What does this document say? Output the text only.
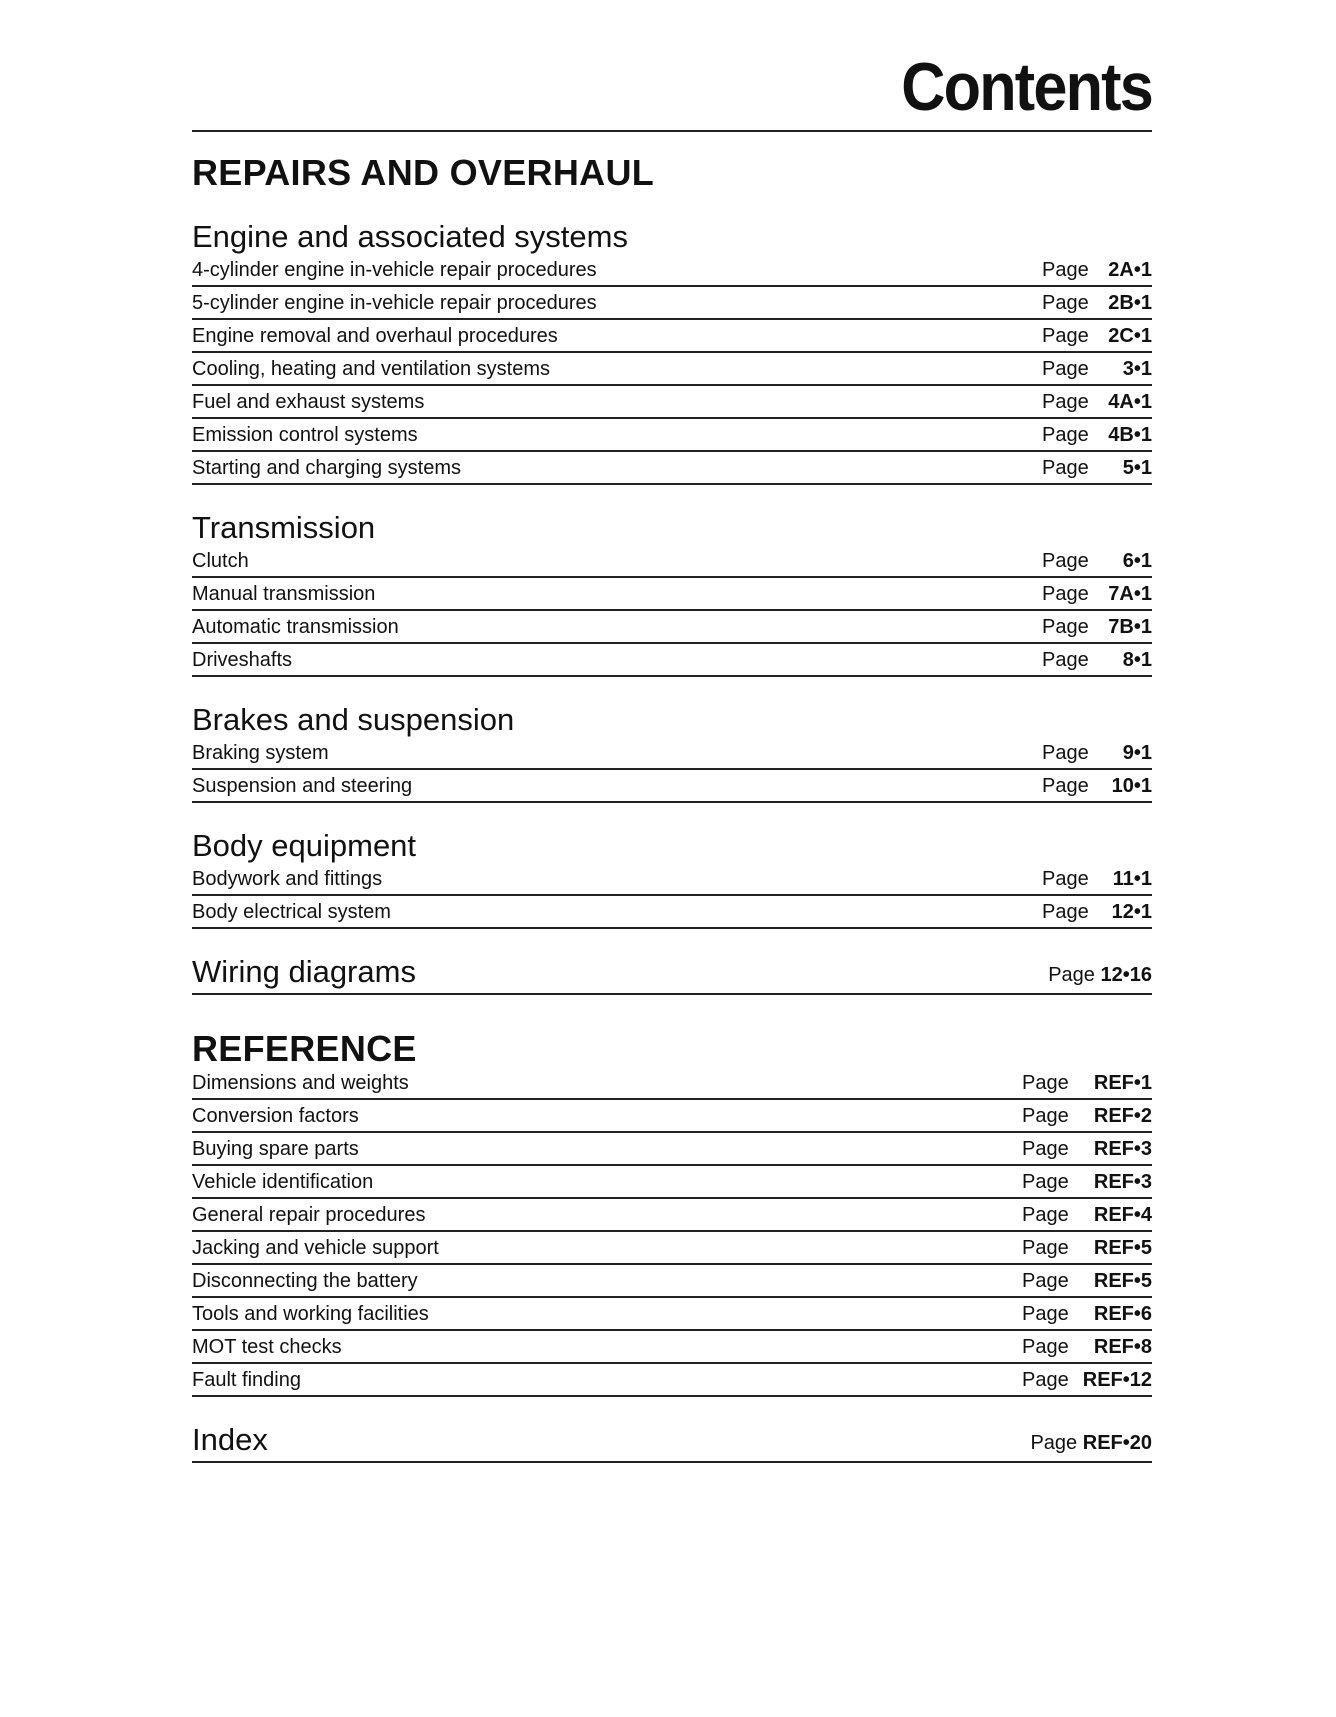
Contents
REPAIRS AND OVERHAUL
Engine and associated systems
4-cylinder engine in-vehicle repair procedures	Page 2A•1
5-cylinder engine in-vehicle repair procedures	Page 2B•1
Engine removal and overhaul procedures	Page 2C•1
Cooling, heating and ventilation systems	Page	3•1
Fuel and exhaust systems	Page 4A•1
Emission control systems	Page 4B•1
Starting and charging systems	Page	5•1
Transmission
Clutch	Page	6•1
Manual transmission	Page 7A•1
Automatic transmission	Page 7B•1
Driveshafts	Page	8•1
Brakes and suspension
Braking system	Page	9•1
Suspension and steering	Page	10•1
Body equipment
Bodywork and fittings	Page	11•1
Body electrical system	Page	12•1
Wiring diagrams	Page 12•16
REFERENCE
Dimensions and weights	Page	REF•1
Conversion factors	Page	REF•2
Buying spare parts	Page	REF•3
Vehicle identification	Page	REF•3
General repair procedures	Page	REF•4
Jacking and vehicle support	Page	REF•5
Disconnecting the battery	Page	REF•5
Tools and working facilities	Page	REF•6
MOT test checks	Page	REF•8
Fault finding	Page REF•12
Index	Page REF•20
